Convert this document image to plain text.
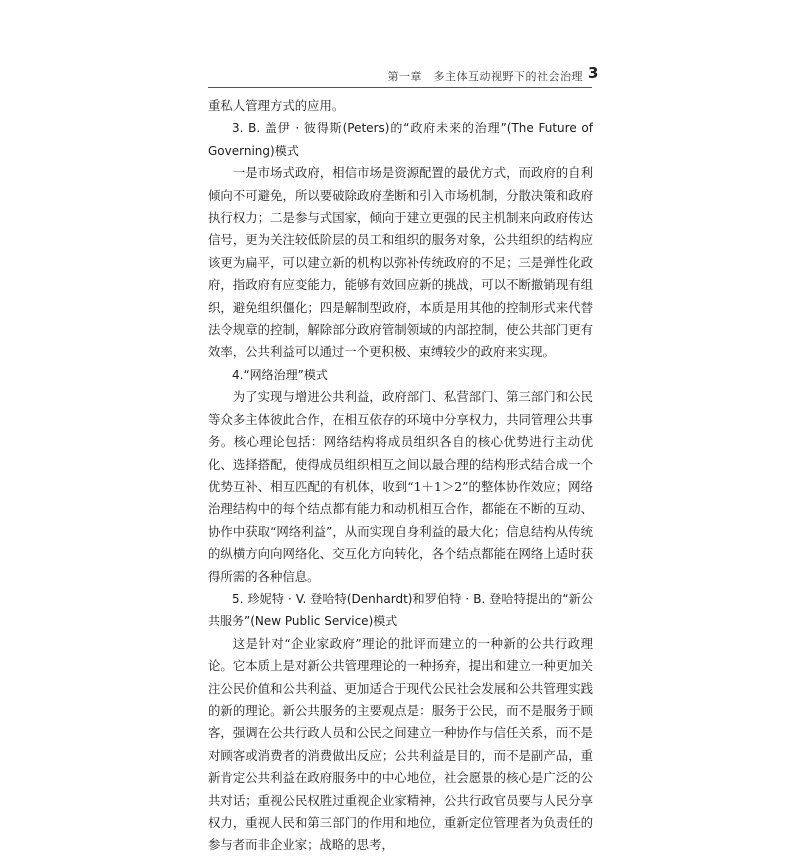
第一章　多主体互动视野下的社会治理 3

重私人管理方式的应用。

3. B. 盖伊 · 彼得斯(Peters)的“政府未来的治理”(The Future of Governing)模式

一是市场式政府，相信市场是资源配置的最优方式，而政府的自利倾向不可避免，所以要破除政府垄断和引入市场机制，分散决策和政府执行权力；二是参与式国家，倾向于建立更强的民主机制来向政府传达信号，更为关注较低阶层的员工和组织的服务对象，公共组织的结构应该更为扁平，可以建立新的机构以弥补传统政府的不足；三是弹性化政府，指政府有应变能力，能够有效回应新的挑战，可以不断撤销现有组织，避免组织僵化；四是解制型政府，本质是用其他的控制形式来代替法令规章的控制，解除部分政府管制领域的内部控制，使公共部门更有效率，公共利益可以通过一个更积极、束缚较少的政府来实现。

4.“网络治理”模式

为了实现与增进公共利益，政府部门、私营部门、第三部门和公民等众多主体彼此合作，在相互依存的环境中分享权力，共同管理公共事务。核心理论包括：网络结构将成员组织各自的核心优势进行主动优化、选择搭配，使得成员组织相互之间以最合理的结构形式结合成一个优势互补、相互匹配的有机体，收到“1＋1＞2”的整体协作效应；网络治理结构中的每个结点都有能力和动机相互合作，都能在不断的互动、协作中获取“网络利益”，从而实现自身利益的最大化；信息结构从传统的纵横方向向网络化、交互化方向转化，各个结点都能在网络上适时获得所需的各种信息。

5. 珍妮特 · V. 登哈特(Denhardt)和罗伯特 · B. 登哈特提出的“新公共服务”(New Public Service)模式

这是针对“企业家政府”理论的批评而建立的一种新的公共行政理论。它本质上是对新公共管理理论的一种扬弃，提出和建立一种更加关注公民价值和公共利益、更加适合于现代公民社会发展和公共管理实践的新的理论。新公共服务的主要观点是：服务于公民，而不是服务于顾客，强调在公共行政人员和公民之间建立一种协作与信任关系，而不是对顾客或消费者的消费做出反应；公共利益是目的，而不是副产品，重新肯定公共利益在政府服务中的中心地位，社会愿景的核心是广泛的公共对话；重视公民权胜过重视企业家精神，公共行政官员要与人民分享权力，重视人民和第三部门的作用和地位，重新定位管理者为负责任的参与者而非企业家；战略的思考，
